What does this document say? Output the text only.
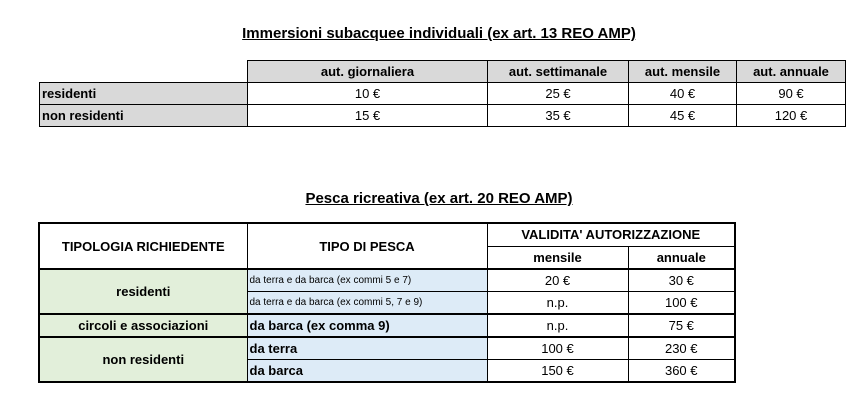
Immersioni subacquee individuali (ex art. 13 REO AMP)
	aut. giornaliera	aut. settimanale	aut. mensile	aut. annuale
residenti	10 €	25 €	40 €	90 €
non residenti	15 €	35 €	45 €	120 €
Pesca ricreativa (ex art. 20 REO AMP)
TIPOLOGIA RICHIEDENTE	TIPO DI PESCA	VALIDITA' AUTORIZZAZIONE	
		mensile	annuale
residenti	da terra e da barca (ex commi 5 e 7)	20 €	30 €
	da terra e da barca (ex commi 5, 7 e 9)	n.p.	100 €
circoli e associazioni	da barca (ex comma 9)	n.p.	75 €
non residenti	da terra	100 €	230 €
	da barca	150 €	360 €
